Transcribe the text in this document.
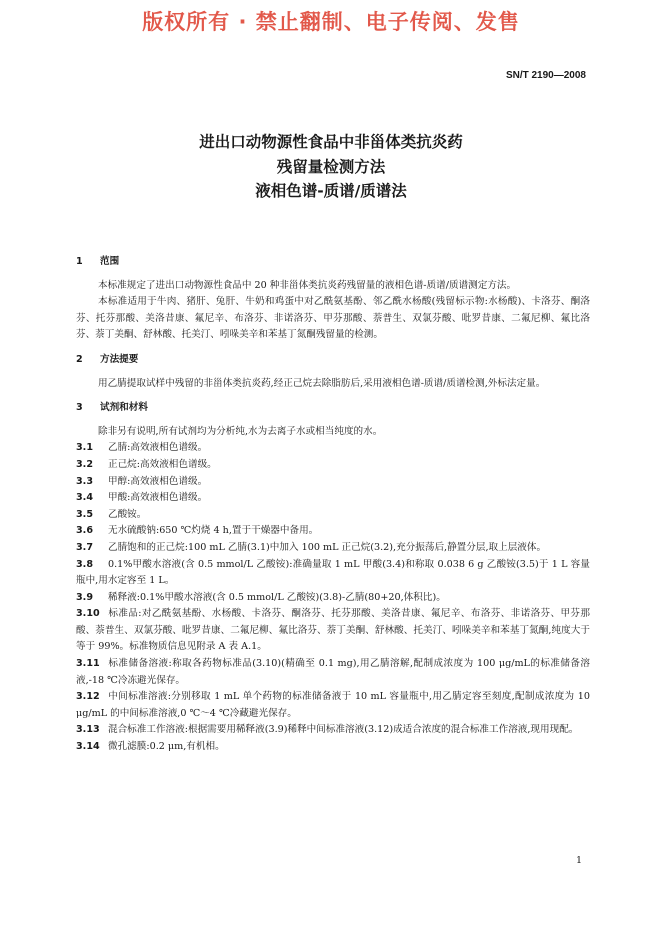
版权所有 · 禁止翻制、电子传阅、发售
SN/T 2190—2008
进出口动物源性食品中非甾体类抗炎药
残留量检测方法
液相色谱-质谱/质谱法

1 范围

本标准规定了进出口动物源性食品中 20 种非甾体类抗炎药残留量的液相色谱-质谱/质谱测定方法。

本标准适用于牛肉、猪肝、兔肝、牛奶和鸡蛋中对乙酰氨基酚、邻乙酰水杨酸(残留标示物:水杨酸)、卡洛芬、酮洛芬、托芬那酸、美洛昔康、氟尼辛、布洛芬、非诺洛芬、甲芬那酸、萘普生、双氯芬酸、吡罗昔康、二氟尼柳、氟比洛芬、萘丁美酮、舒林酸、托美汀、吲哚美辛和苯基丁氮酮残留量的检测。

2 方法提要

用乙腈提取试样中残留的非甾体类抗炎药,经正己烷去除脂肪后,采用液相色谱-质谱/质谱检测,外标法定量。

3 试剂和材料

除非另有说明,所有试剂均为分析纯,水为去离子水或相当纯度的水。

3.1 乙腈:高效液相色谱级。

3.2 正己烷:高效液相色谱级。

3.3 甲醇:高效液相色谱级。

3.4 甲酸:高效液相色谱级。

3.5 乙酸铵。

3.6 无水硫酸钠:650 ℃灼烧 4 h,置于干燥器中备用。

3.7 乙腈饱和的正己烷:100 mL 乙腈(3.1)中加入 100 mL 正己烷(3.2),充分振荡后,静置分层,取上层液体。

3.8 0.1%甲酸水溶液(含 0.5 mmol/L 乙酸铵):准确量取 1 mL 甲酸(3.4)和称取 0.038 6 g 乙酸铵(3.5)于 1 L 容量瓶中,用水定容至 1 L。

3.9 稀释液:0.1%甲酸水溶液(含 0.5 mmol/L 乙酸铵)(3.8)-乙腈(80+20,体积比)。

3.10 标准品:对乙酰氨基酚、水杨酸、卡洛芬、酮洛芬、托芬那酸、美洛昔康、氟尼辛、布洛芬、非诺洛芬、甲芬那酸、萘普生、双氯芬酸、吡罗昔康、二氟尼柳、氟比洛芬、萘丁美酮、舒林酸、托美汀、吲哚美辛和苯基丁氮酮,纯度大于等于 99%。标准物质信息见附录 A 表 A.1。

3.11 标准储备溶液:称取各药物标准品(3.10)(精确至 0.1 mg),用乙腈溶解,配制成浓度为 100 μg/mL的标准储备溶液,-18 ℃冷冻避光保存。

3.12 中间标准溶液:分别移取 1 mL 单个药物的标准储备液于 10 mL 容量瓶中,用乙腈定容至刻度,配制成浓度为 10 μg/mL 的中间标准溶液,0 ℃～4 ℃冷藏避光保存。

3.13 混合标准工作溶液:根据需要用稀释液(3.9)稀释中间标准溶液(3.12)成适合浓度的混合标准工作溶液,现用现配。

3.14 微孔滤膜:0.2 μm,有机相。

1
